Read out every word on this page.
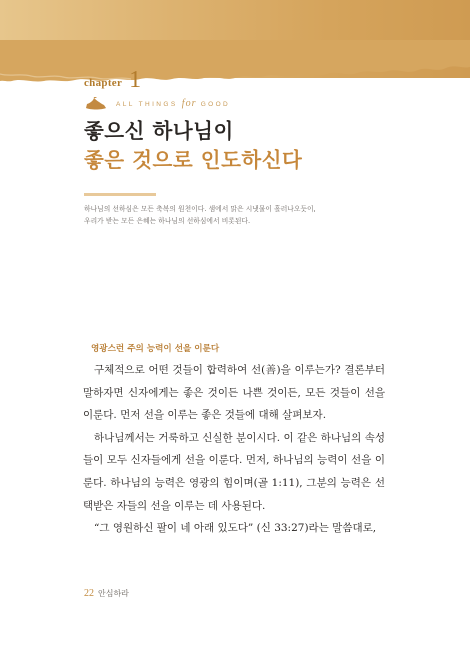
chapter 1
ALL THINGS for GOOD
좋으신 하나님이
좋은 것으로 인도하신다

하나님의 선하심은 모든 축복의 원천이다. 샘에서 맑은 시냇물이 흘러나오듯이,
우리가 받는 모든 은혜는 하나님의 선하심에서 비롯된다.

영광스런 주의 능력이 선을 이룬다

구체적으로 어떤 것들이 합력하여 선(善)을 이루는가? 결론부터 말하자면 신자에게는 좋은 것이든 나쁜 것이든, 모든 것들이 선을 이룬다. 먼저 선을 이루는 좋은 것들에 대해 살펴보자.

하나님께서는 거룩하고 신실한 분이시다. 이 같은 하나님의 속성들이 모두 신자들에게 선을 이룬다. 먼저, 하나님의 능력이 선을 이룬다. 하나님의 능력은 영광의 힘이며(골 1:11), 그분의 능력은 선택받은 자들의 선을 이루는 데 사용된다.

“그 영원하신 팔이 네 아래 있도다” (신 33:27)라는 말씀대로,

22 안심하라
